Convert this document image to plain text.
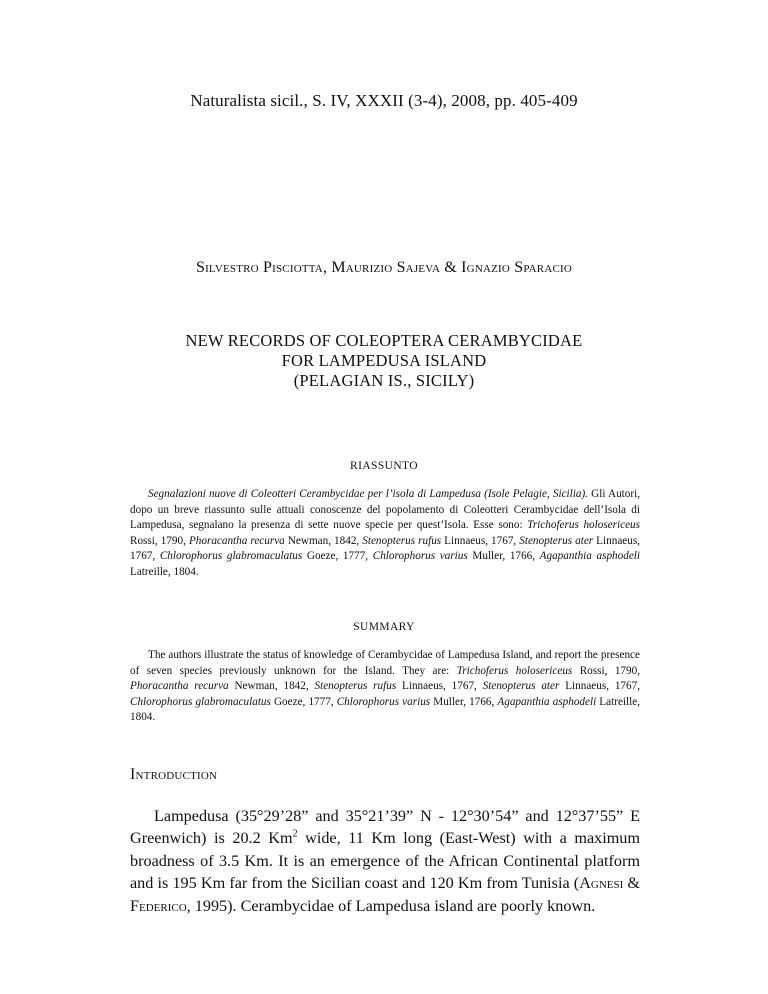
Naturalista sicil., S. IV, XXXII (3-4), 2008, pp. 405-409
Silvestro Pisciotta, Maurizio Sajeva & Ignazio Sparacio
NEW RECORDS OF COLEOPTERA CERAMBYCIDAE
FOR LAMPEDUSA ISLAND
(PELAGIAN IS., SICILY)
RIASSUNTO

Segnalazioni nuove di Coleotteri Cerambycidae per l’isola di Lampedusa (Isole Pelagie, Sicilia). Gli Autori, dopo un breve riassunto sulle attuali conoscenze del popolamento di Coleotteri Cerambycidae dell’Isola di Lampedusa, segnalano la presenza di sette nuove specie per quest’Isola. Esse sono: Trichoferus holosericeus Rossi, 1790, Phoracantha recurva Newman, 1842, Stenopterus rufus Linnaeus, 1767, Stenopterus ater Linnaeus, 1767, Chlorophorus glabromaculatus Goeze, 1777, Chlorophorus varius Muller, 1766, Agapanthia asphodeli Latreille, 1804.

SUMMARY

The authors illustrate the status of knowledge of Cerambycidae of Lampedusa Island, and report the presence of seven species previously unknown for the Island. They are: Trichoferus holosericeus Rossi, 1790, Phoracantha recurva Newman, 1842, Stenopterus rufus Linnaeus, 1767, Stenopterus ater Linnaeus, 1767, Chlorophorus glabromaculatus Goeze, 1777, Chlorophorus varius Muller, 1766, Agapanthia asphodeli Latreille, 1804.

Introduction

Lampedusa (35°29’28” and 35°21’39” N - 12°30’54” and 12°37’55” E Greenwich) is 20.2 Km$^2$ wide, 11 Km long (East-West) with a maximum broadness of 3.5 Km. It is an emergence of the African Continental platform and is 195 Km far from the Sicilian coast and 120 Km from Tunisia (Agnesi & Federico, 1995). Cerambycidae of Lampedusa island are poorly known.
